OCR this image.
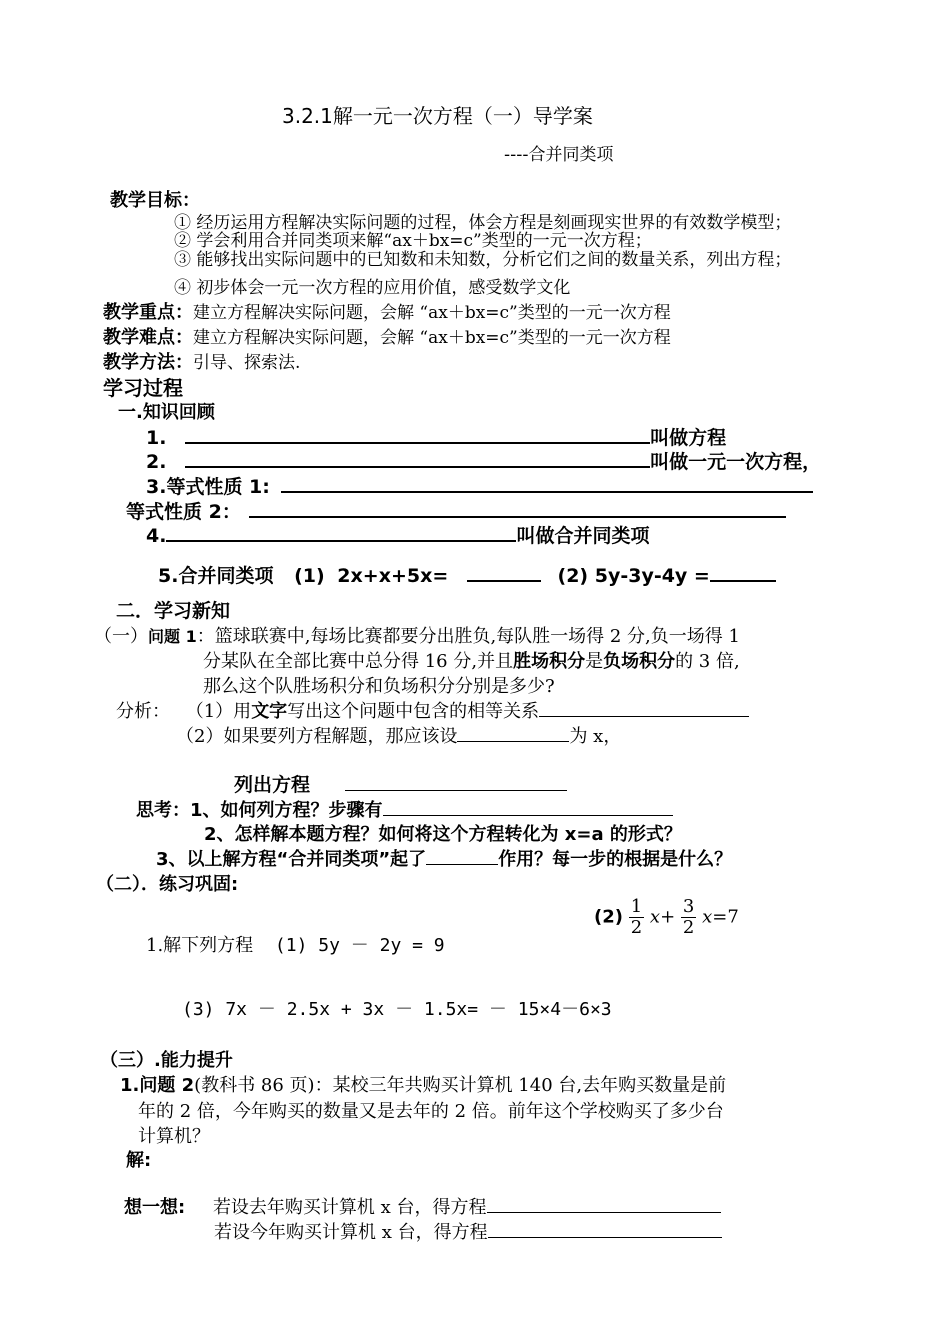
3.2.1解一元一次方程（一）导学案
----合并同类项
教学目标：
① 经历运用方程解决实际问题的过程，体会方程是刻画现实世界的有效数学模型；
② 学会利用合并同类项来解“ax＋bx=c”类型的一元一次方程；
③ 能够找出实际问题中的已知数和未知数，分析它们之间的数量关系，列出方程；
④ 初步体会一元一次方程的应用价值，感受数学文化
教学重点：建立方程解决实际问题，会解 “ax＋bx=c”类型的一元一次方程
教学难点：建立方程解决实际问题，会解 “ax＋bx=c”类型的一元一次方程
教学方法：引导、探索法.
学习过程
一.知识回顾
1.	叫做方程
2.	叫做一元一次方程，
3.等式性质 1:
等式性质 2：
4.	叫做合并同类项
5.合并同类项 (1) 2x+x+5x=	(2) 5y-3y-4y =
二．学习新知
（一）问题 1：篮球联赛中,每场比赛都要分出胜负,每队胜一场得 2 分,负一场得 1
分某队在全部比赛中总分得 16 分,并且胜场积分是负场积分的 3 倍,
那么这个队胜场积分和负场积分分别是多少?
分析： （1）用文字写出这个问题中包含的相等关系
（2）如果要列方程解题，那应该设	为 x，
列出方程
思考：1、如何列方程？步骤有
2、怎样解本题方程？如何将这个方程转化为 x=a 的形式？
3、以上解方程“合并同类项”起了	作用？每一步的根据是什么？
（二）．练习巩固:
$(2) \frac{1}{2} x+ \frac{3}{2} x=7$
1.解下列方程 (1) 5y － 2y = 9
(3) 7x － 2.5x + 3x － 1.5x= － 15×4－6×3
（三）.能力提升
1.问题 2(教科书 86 页)：某校三年共购买计算机 140 台,去年购买数量是前
年的 2 倍，今年购买的数量又是去年的 2 倍。前年这个学校购买了多少台
计算机？
解:
想一想: 若设去年购买计算机 x 台，得方程
若设今年购买计算机 x 台，得方程
